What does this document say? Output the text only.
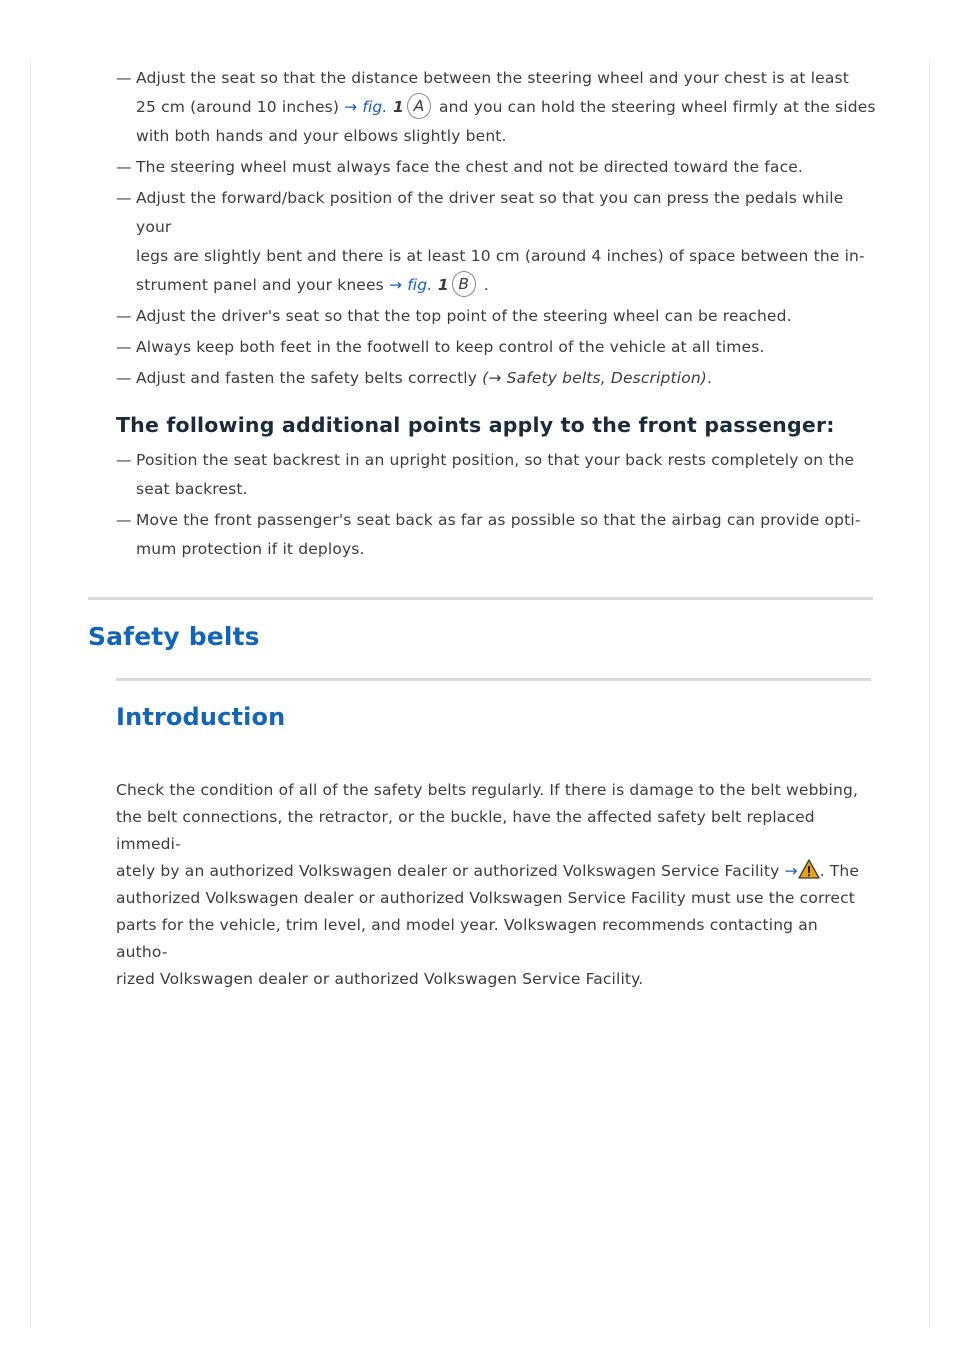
— Adjust the seat so that the distance between the steering wheel and your chest is at least
25 cm (around 10 inches) → fig. 1 A and you can hold the steering wheel firmly at the sides
with both hands and your elbows slightly bent.
— The steering wheel must always face the chest and not be directed toward the face.
— Adjust the forward/back position of the driver seat so that you can press the pedals while your
legs are slightly bent and there is at least 10 cm (around 4 inches) of space between the in-
strument panel and your knees → fig. 1 B .
— Adjust the driver's seat so that the top point of the steering wheel can be reached.
— Always keep both feet in the footwell to keep control of the vehicle at all times.
— Adjust and fasten the safety belts correctly (→ Safety belts, Description).
The following additional points apply to the front passenger:
— Position the seat backrest in an upright position, so that your back rests completely on the
seat backrest.
— Move the front passenger's seat back as far as possible so that the airbag can provide opti-
mum protection if it deploys.
Safety belts
Introduction
Check the condition of all of the safety belts regularly. If there is damage to the belt webbing,
the belt connections, the retractor, or the buckle, have the affected safety belt replaced immedi-
ately by an authorized Volkswagen dealer or authorized Volkswagen Service Facility → . The
authorized Volkswagen dealer or authorized Volkswagen Service Facility must use the correct
parts for the vehicle, trim level, and model year. Volkswagen recommends contacting an autho-
rized Volkswagen dealer or authorized Volkswagen Service Facility.
